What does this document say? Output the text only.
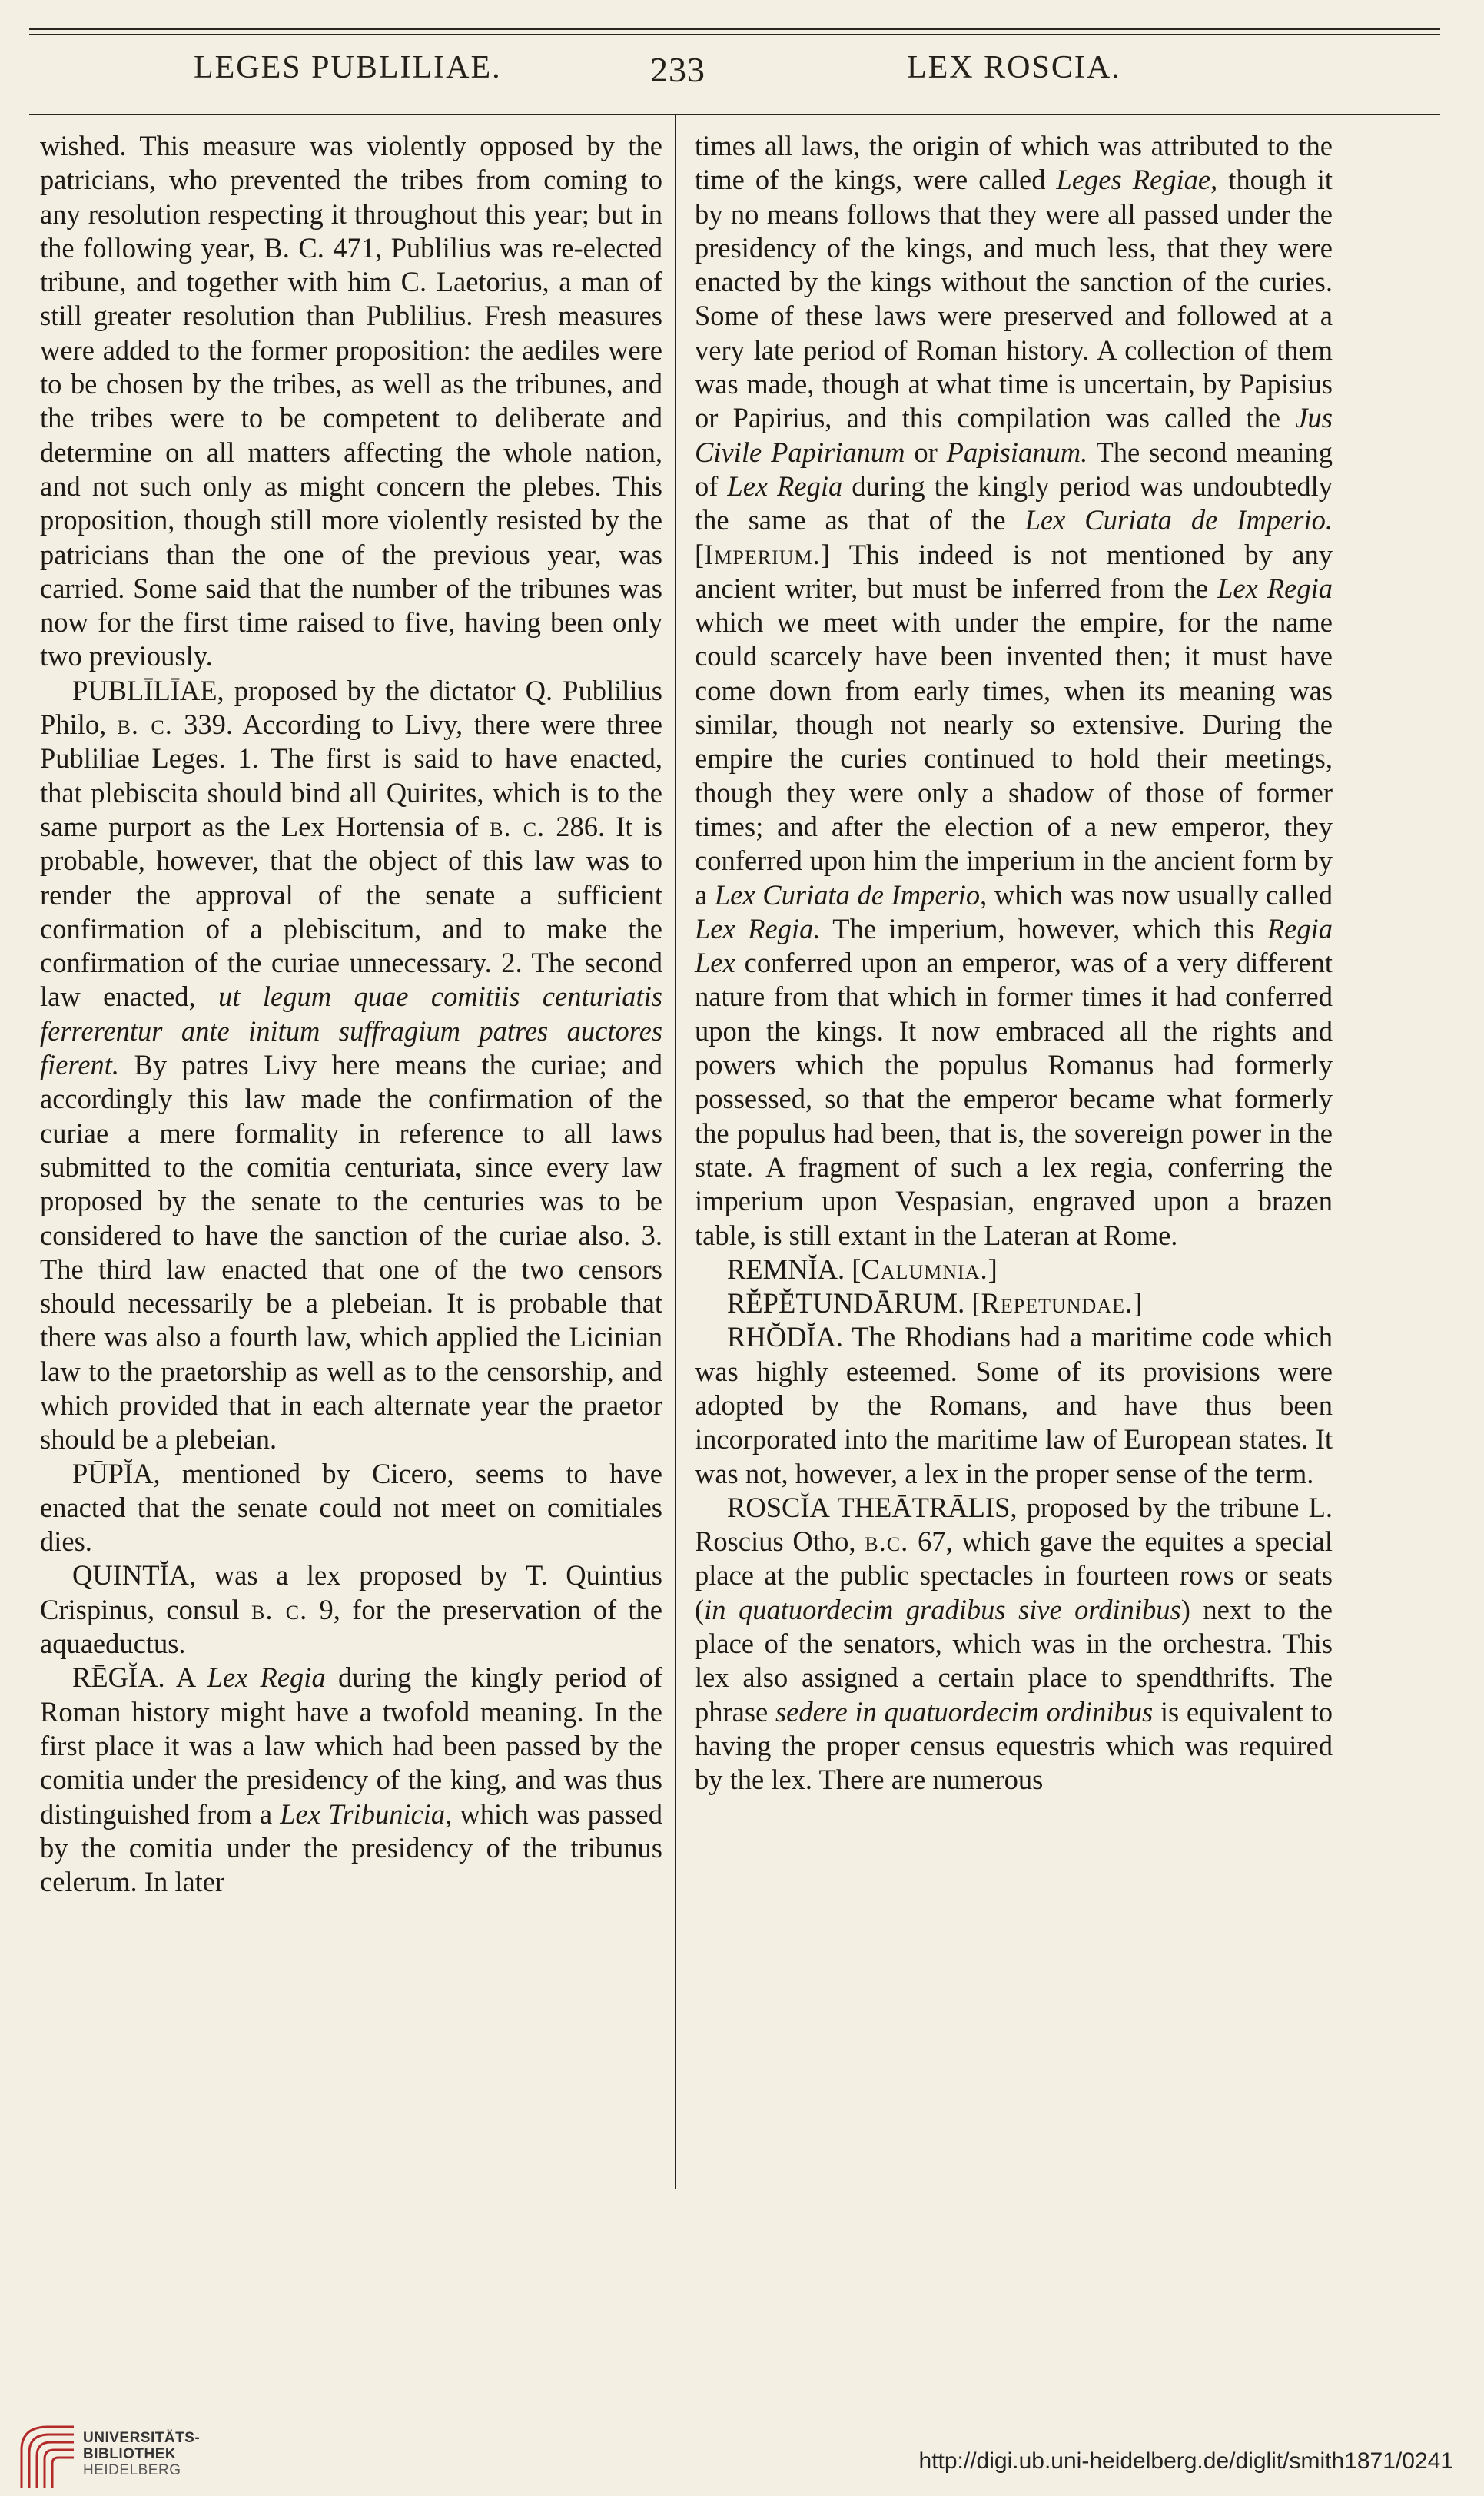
LEGES PUBLILIAE.	233	LEX ROSCIA.

wished. This measure was violently opposed by the patricians, who prevented the tribes from coming to any resolution respecting it throughout this year; but in the following year, B. C. 471, Publilius was re-elected tribune, and together with him C. Laetorius, a man of still greater resolution than Publilius. Fresh measures were added to the former proposition: the aediles were to be chosen by the tribes, as well as the tribunes, and the tribes were to be competent to deliberate and determine on all matters affecting the whole nation, and not such only as might concern the plebes. This proposition, though still more violently resisted by the patricians than the one of the previous year, was carried. Some said that the number of the tribunes was now for the first time raised to five, having been only two previously.

PUBLĪLĪAE, proposed by the dictator Q. Publilius Philo, b. c. 339. According to Livy, there were three Publiliae Leges. 1. The first is said to have enacted, that plebiscita should bind all Quirites, which is to the same purport as the Lex Hortensia of b. c. 286. It is probable, however, that the object of this law was to render the approval of the senate a sufficient confirmation of a plebiscitum, and to make the confirmation of the curiae unnecessary. 2. The second law enacted, ut legum quae comitiis centuriatis ferrerentur ante initum suffragium patres auctores fierent. By patres Livy here means the curiae; and accordingly this law made the confirmation of the curiae a mere formality in reference to all laws submitted to the comitia centuriata, since every law proposed by the senate to the centuries was to be considered to have the sanction of the curiae also. 3. The third law enacted that one of the two censors should necessarily be a plebeian. It is probable that there was also a fourth law, which applied the Licinian law to the praetorship as well as to the censorship, and which provided that in each alternate year the praetor should be a plebeian.

PŪPĬA, mentioned by Cicero, seems to have enacted that the senate could not meet on comitiales dies.

QUINTĬA, was a lex proposed by T. Quintius Crispinus, consul b. c. 9, for the preservation of the aquaeductus.

RĒGĬA. A Lex Regia during the kingly period of Roman history might have a twofold meaning. In the first place it was a law which had been passed by the comitia under the presidency of the king, and was thus distinguished from a Lex Tribunicia, which was passed by the comitia under the presidency of the tribunus celerum. In later

times all laws, the origin of which was attributed to the time of the kings, were called Leges Regiae, though it by no means follows that they were all passed under the presidency of the kings, and much less, that they were enacted by the kings without the sanction of the curies. Some of these laws were preserved and followed at a very late period of Roman history. A collection of them was made, though at what time is uncertain, by Papisius or Papirius, and this compilation was called the Jus Civile Papirianum or Papisianum. The second meaning of Lex Regia during the kingly period was undoubtedly the same as that of the Lex Curiata de Imperio. [Imperium.] This indeed is not mentioned by any ancient writer, but must be inferred from the Lex Regia which we meet with under the empire, for the name could scarcely have been invented then; it must have come down from early times, when its meaning was similar, though not nearly so extensive. During the empire the curies continued to hold their meetings, though they were only a shadow of those of former times; and after the election of a new emperor, they conferred upon him the imperium in the ancient form by a Lex Curiata de Imperio, which was now usually called Lex Regia. The imperium, however, which this Regia Lex conferred upon an emperor, was of a very different nature from that which in former times it had conferred upon the kings. It now embraced all the rights and powers which the populus Romanus had formerly possessed, so that the emperor became what formerly the populus had been, that is, the sovereign power in the state. A fragment of such a lex regia, conferring the imperium upon Vespasian, engraved upon a brazen table, is still extant in the Lateran at Rome.

REMNĬA. [Calumnia.]

RĔPĔTUNDĀRUM. [Repetundae.]

RHŎDĬA. The Rhodians had a maritime code which was highly esteemed. Some of its provisions were adopted by the Romans, and have thus been incorporated into the maritime law of European states. It was not, however, a lex in the proper sense of the term.

ROSCĬA THEĀTRĀLIS, proposed by the tribune L. Roscius Otho, b.c. 67, which gave the equites a special place at the public spectacles in fourteen rows or seats (in quatuordecim gradibus sive ordinibus) next to the place of the senators, which was in the orchestra. This lex also assigned a certain place to spendthrifts. The phrase sedere in quatuordecim ordinibus is equivalent to having the proper census equestris which was required by the lex. There are numerous

UNIVERSITÄTS-
BIBLIOTHEK
HEIDELBERG	http://digi.ub.uni-heidelberg.de/diglit/smith1871/0241
